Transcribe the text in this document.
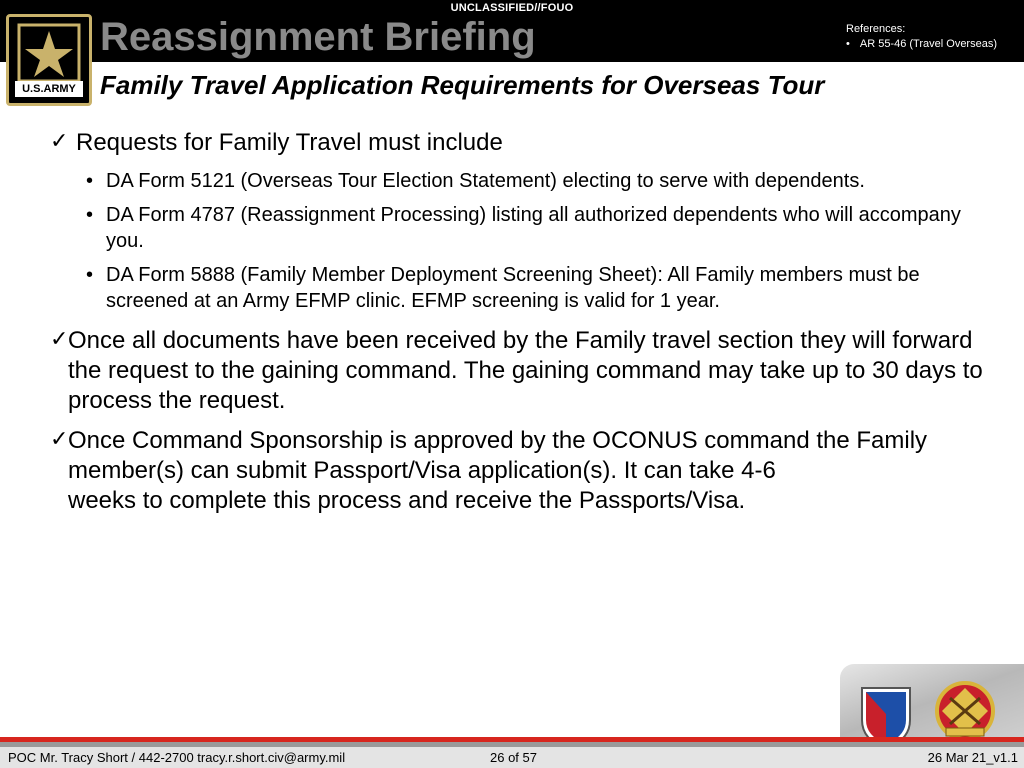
UNCLASSIFIED//FOUO
Reassignment Briefing	References:
• AR 55-46 (Travel Overseas)
U.S.ARMY Family Travel Application Requirements for Overseas Tour

✓ Requests for Family Travel must include

• DA Form 5121 (Overseas Tour Election Statement) electing to serve with dependents.
• DA Form 4787 (Reassignment Processing) listing all authorized dependents who will accompany you.
• DA Form 5888 (Family Member Deployment Screening Sheet): All Family members must be screened at an Army EFMP clinic. EFMP screening is valid for 1 year.

✓ Once all documents have been received by the Family travel section they will forward the request to the gaining command. The gaining command may take up to 30 days to process the request.

✓ Once Command Sponsorship is approved by the OCONUS command the Family member(s) can submit Passport/Visa application(s). It can take 4-6
weeks to complete this process and receive the Passports/Visa.

POC Mr. Tracy Short / 442-2700 tracy.r.short.civ@army.mil	26 of 57	26 Mar 21_v1.1
